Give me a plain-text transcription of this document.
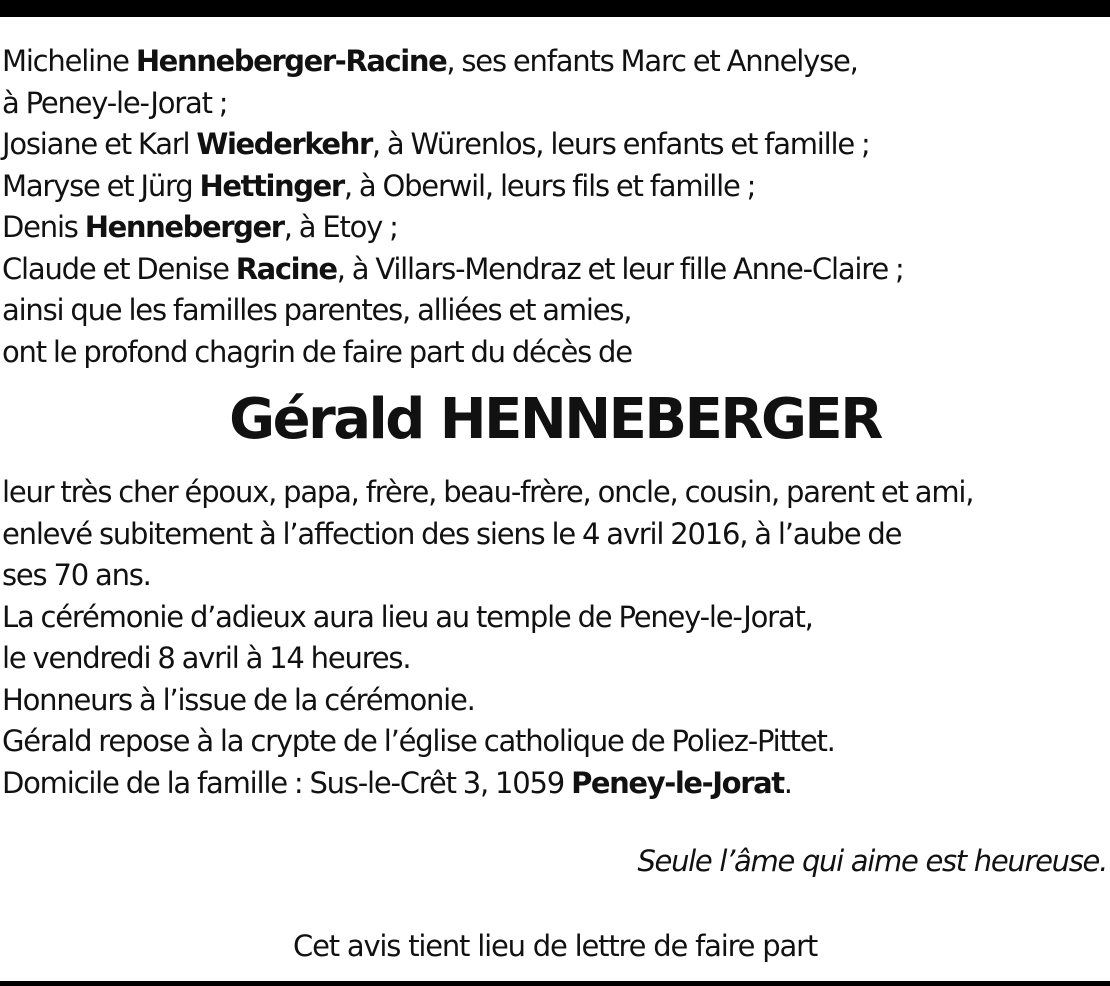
Micheline Henneberger-Racine, ses enfants Marc et Annelyse,

à Peney-le-Jorat ;

Josiane et Karl Wiederkehr, à Würenlos, leurs enfants et famille ;

Maryse et Jürg Hettinger, à Oberwil, leurs fils et famille ;

Denis Henneberger, à Etoy ;

Claude et Denise Racine, à Villars-Mendraz et leur fille Anne-Claire ;

ainsi que les familles parentes, alliées et amies,

ont le profond chagrin de faire part du décès de

Gérald HENNEBERGER

leur très cher époux, papa, frère, beau-frère, oncle, cousin, parent et ami,

enlevé subitement à l’affection des siens le 4 avril 2016, à l’aube de

ses 70 ans.

La cérémonie d’adieux aura lieu au temple de Peney-le-Jorat,

le vendredi 8 avril à 14 heures.

Honneurs à l’issue de la cérémonie.

Gérald repose à la crypte de l’église catholique de Poliez-Pittet.

Domicile de la famille : Sus-le-Crêt 3, 1059 Peney-le-Jorat.

Seule l’âme qui aime est heureuse.
Cet avis tient lieu de lettre de faire part
